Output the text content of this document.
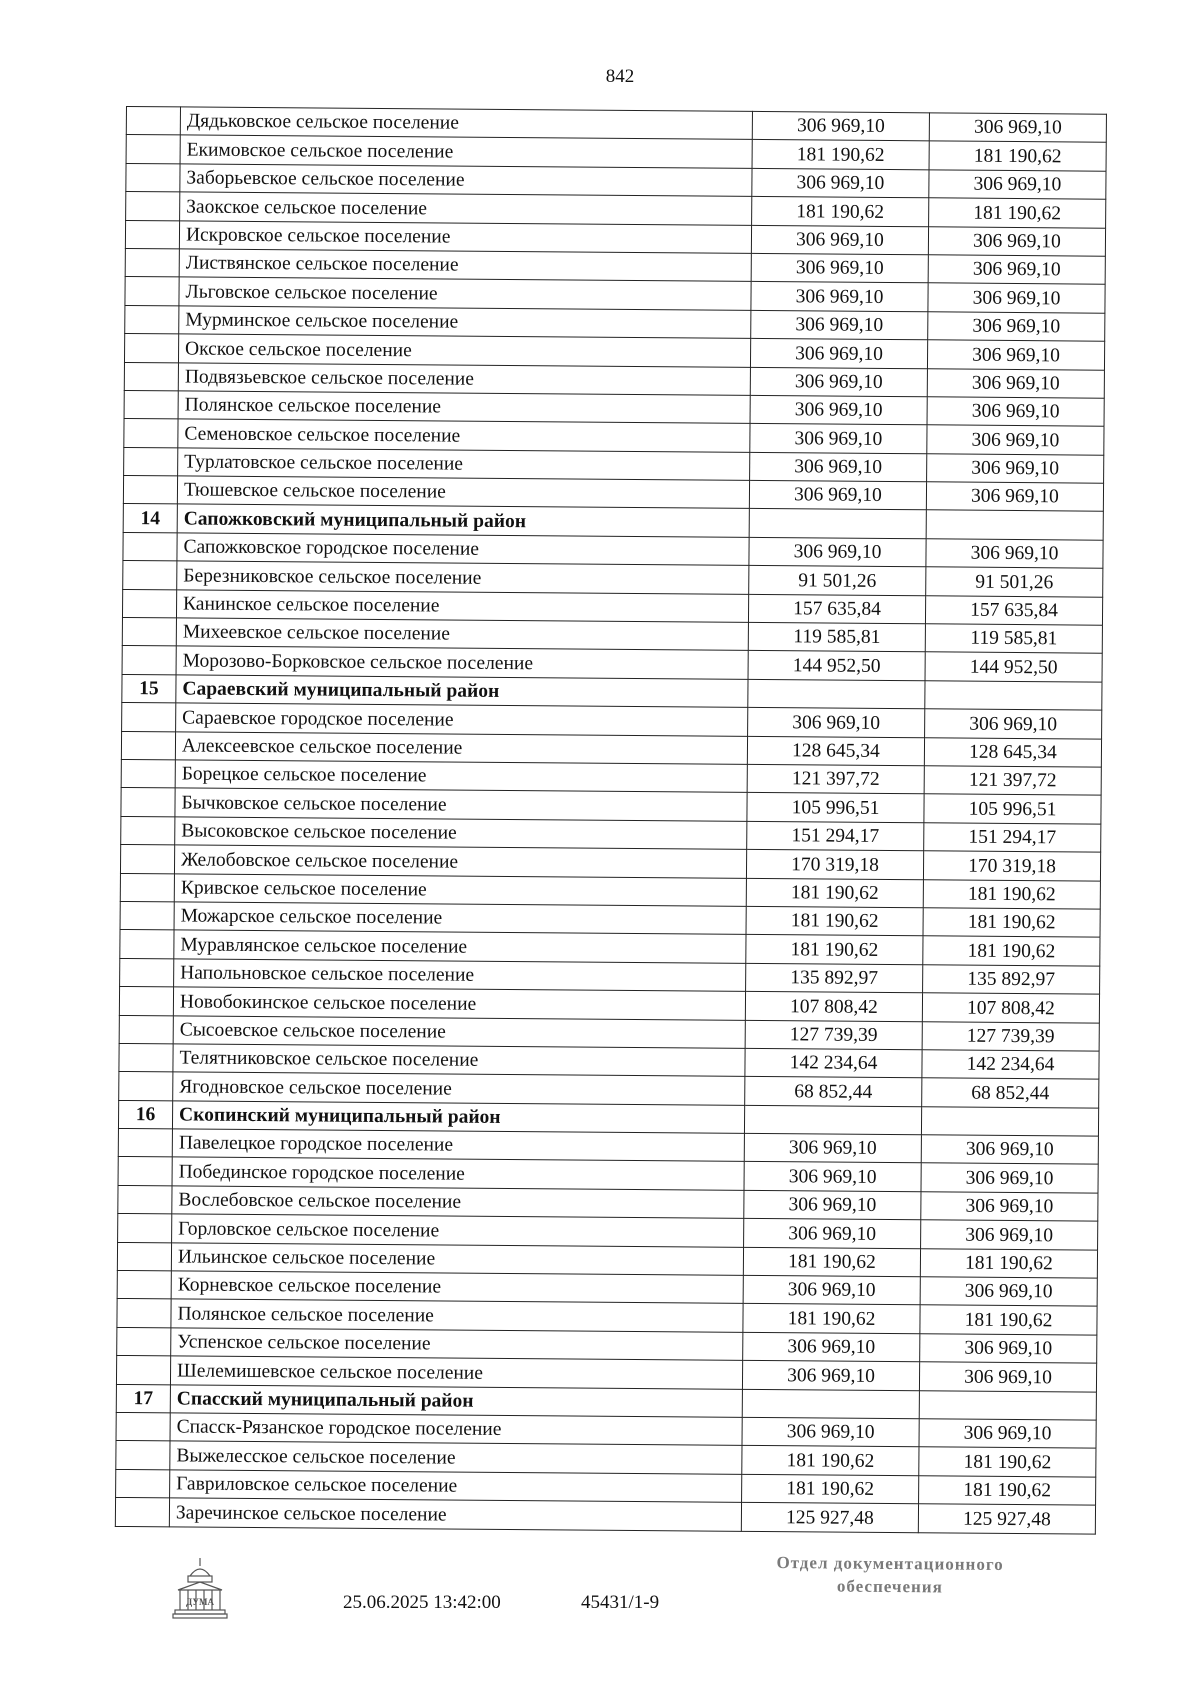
842
	Дядьковское сельское поселение	306 969,10	306 969,10
	Екимовское сельское поселение	181 190,62	181 190,62
	Заборьевское сельское поселение	306 969,10	306 969,10
	Заокское сельское поселение	181 190,62	181 190,62
	Искровское сельское поселение	306 969,10	306 969,10
	Листвянское сельское поселение	306 969,10	306 969,10
	Льговское сельское поселение	306 969,10	306 969,10
	Мурминское сельское поселение	306 969,10	306 969,10
	Окское сельское поселение	306 969,10	306 969,10
	Подвязьевское сельское поселение	306 969,10	306 969,10
	Полянское сельское поселение	306 969,10	306 969,10
	Семеновское сельское поселение	306 969,10	306 969,10
	Турлатовское сельское поселение	306 969,10	306 969,10
	Тюшевское сельское поселение	306 969,10	306 969,10
14	Сапожковский муниципальный район		
	Сапожковское городское поселение	306 969,10	306 969,10
	Березниковское сельское поселение	91 501,26	91 501,26
	Канинское сельское поселение	157 635,84	157 635,84
	Михеевское сельское поселение	119 585,81	119 585,81
	Морозово-Борковское сельское поселение	144 952,50	144 952,50
15	Сараевский муниципальный район		
	Сараевское городское поселение	306 969,10	306 969,10
	Алексеевское сельское поселение	128 645,34	128 645,34
	Борецкое сельское поселение	121 397,72	121 397,72
	Бычковское сельское поселение	105 996,51	105 996,51
	Высоковское сельское поселение	151 294,17	151 294,17
	Желобовское сельское поселение	170 319,18	170 319,18
	Кривское сельское поселение	181 190,62	181 190,62
	Можарское сельское поселение	181 190,62	181 190,62
	Муравлянское сельское поселение	181 190,62	181 190,62
	Напольновское сельское поселение	135 892,97	135 892,97
	Новобокинское сельское поселение	107 808,42	107 808,42
	Сысоевское сельское поселение	127 739,39	127 739,39
	Телятниковское сельское поселение	142 234,64	142 234,64
	Ягодновское сельское поселение	68 852,44	68 852,44
16	Скопинский муниципальный район		
	Павелецкое городское поселение	306 969,10	306 969,10
	Побединское городское поселение	306 969,10	306 969,10
	Вослебовское сельское поселение	306 969,10	306 969,10
	Горловское сельское поселение	306 969,10	306 969,10
	Ильинское сельское поселение	181 190,62	181 190,62
	Корневское сельское поселение	306 969,10	306 969,10
	Полянское сельское поселение	181 190,62	181 190,62
	Успенское сельское поселение	306 969,10	306 969,10
	Шелемишевское сельское поселение	306 969,10	306 969,10
17	Спасский муниципальный район		
	Спасск-Рязанское городское поселение	306 969,10	306 969,10
	Выжелесское сельское поселение	181 190,62	181 190,62
	Гавриловское сельское поселение	181 190,62	181 190,62
	Заречинское сельское поселение	125 927,48	125 927,48
ДУМА	25.06.2025 13:42:00	45431/1-9
Отдел документационного
обеспечения
